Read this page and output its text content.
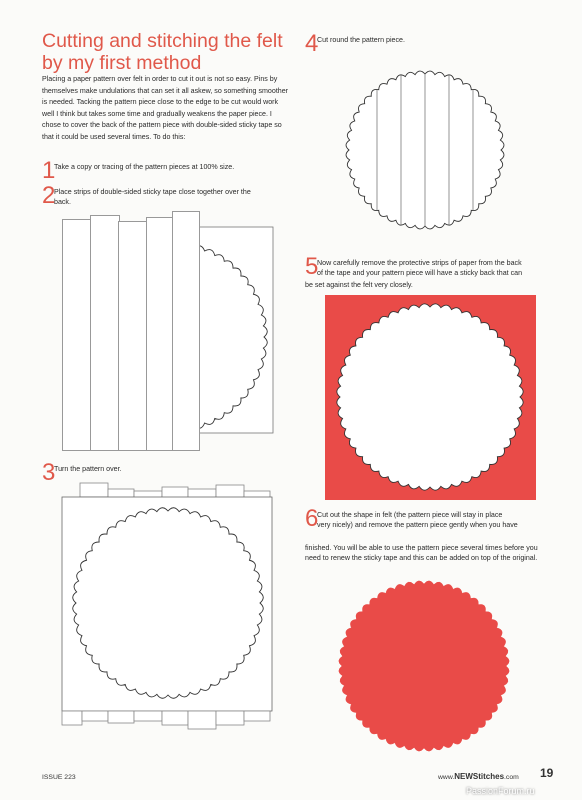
Cutting and stitching the felt by my first method

Placing a paper pattern over felt in order to cut it out is not so easy. Pins by themselves make undulations that can set it all askew, so something smoother is needed. Tacking the pattern piece close to the edge to be cut would work well I think but takes some time and gradually weakens the paper piece. I chose to cover the back of the pattern piece with double-sided sticky tape so that it could be used several times. To do this:

1
Take a copy or tracing of the pattern pieces at 100% size.
2
Place strips of double-sided sticky tape close together over the
back.
3
Turn the pattern over.
4
Cut round the pattern piece.
5
Now carefully remove the protective strips of paper from the back
of the tape and your pattern piece will have a sticky back that can
be set against the felt very closely.
6
Cut out the shape in felt (the pattern piece will stay in place
very nicely) and remove the pattern piece gently when you have
finished. You will be able to use the pattern piece several times before you need to renew the sticky tape and this can be added on top of the original.
ISSUE 223	www.NEWStitches.com 19
PassionForum.ru
